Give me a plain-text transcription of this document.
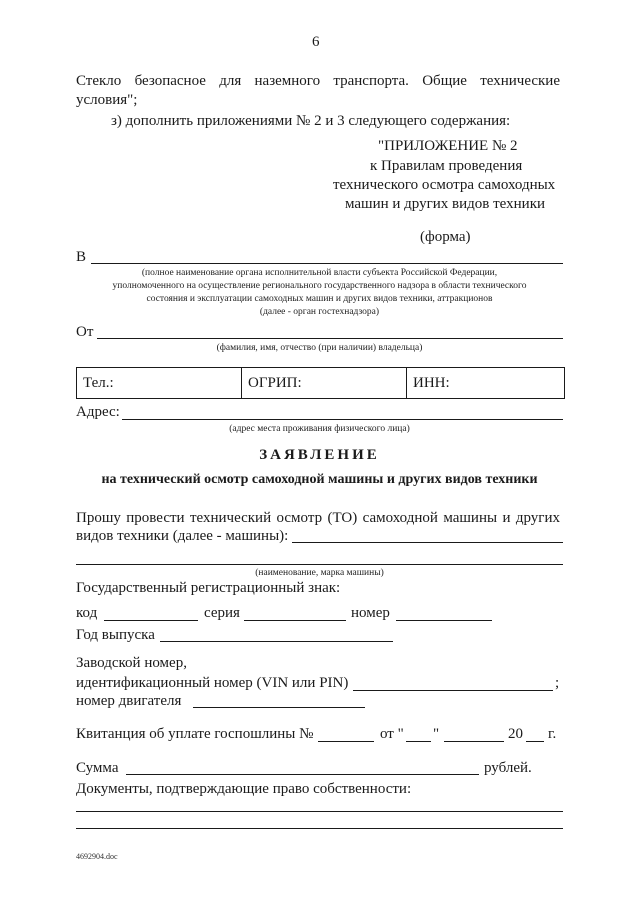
6
Стекло безопасное для наземного транспорта. Общие технические
условия";
з) дополнить приложениями № 2 и 3 следующего содержания:
"ПРИЛОЖЕНИЕ № 2
к Правилам проведения
технического осмотра самоходных
машин и других видов техники
(форма)
В
(полное наименование органа исполнительной власти субъекта Российской Федерации,
уполномоченного на осуществление регионального государственного надзора в области технического
состояния и эксплуатации самоходных машин и других видов техники, аттракционов
(далее - орган гостехнадзора)
От
(фамилия, имя, отчество (при наличии) владельца)
Тел.:	ОГРИП:	ИНН:
Адрес:
(адрес места проживания физического лица)
ЗАЯВЛЕНИЕ
на технический осмотр самоходной машины и других видов техники
Прошу провести технический осмотр (ТО) самоходной машины и других
видов техники (далее - машины):
(наименование, марка машины)
Государственный регистрационный знак:
код	серия	номер
Год выпуска
Заводской номер,
идентификационный номер (VIN или PIN)	;
номер двигателя
Квитанция об уплате госпошлины №	от " "	20 г.
Сумма	рублей.
Документы, подтверждающие право собственности:
4692904.doc
